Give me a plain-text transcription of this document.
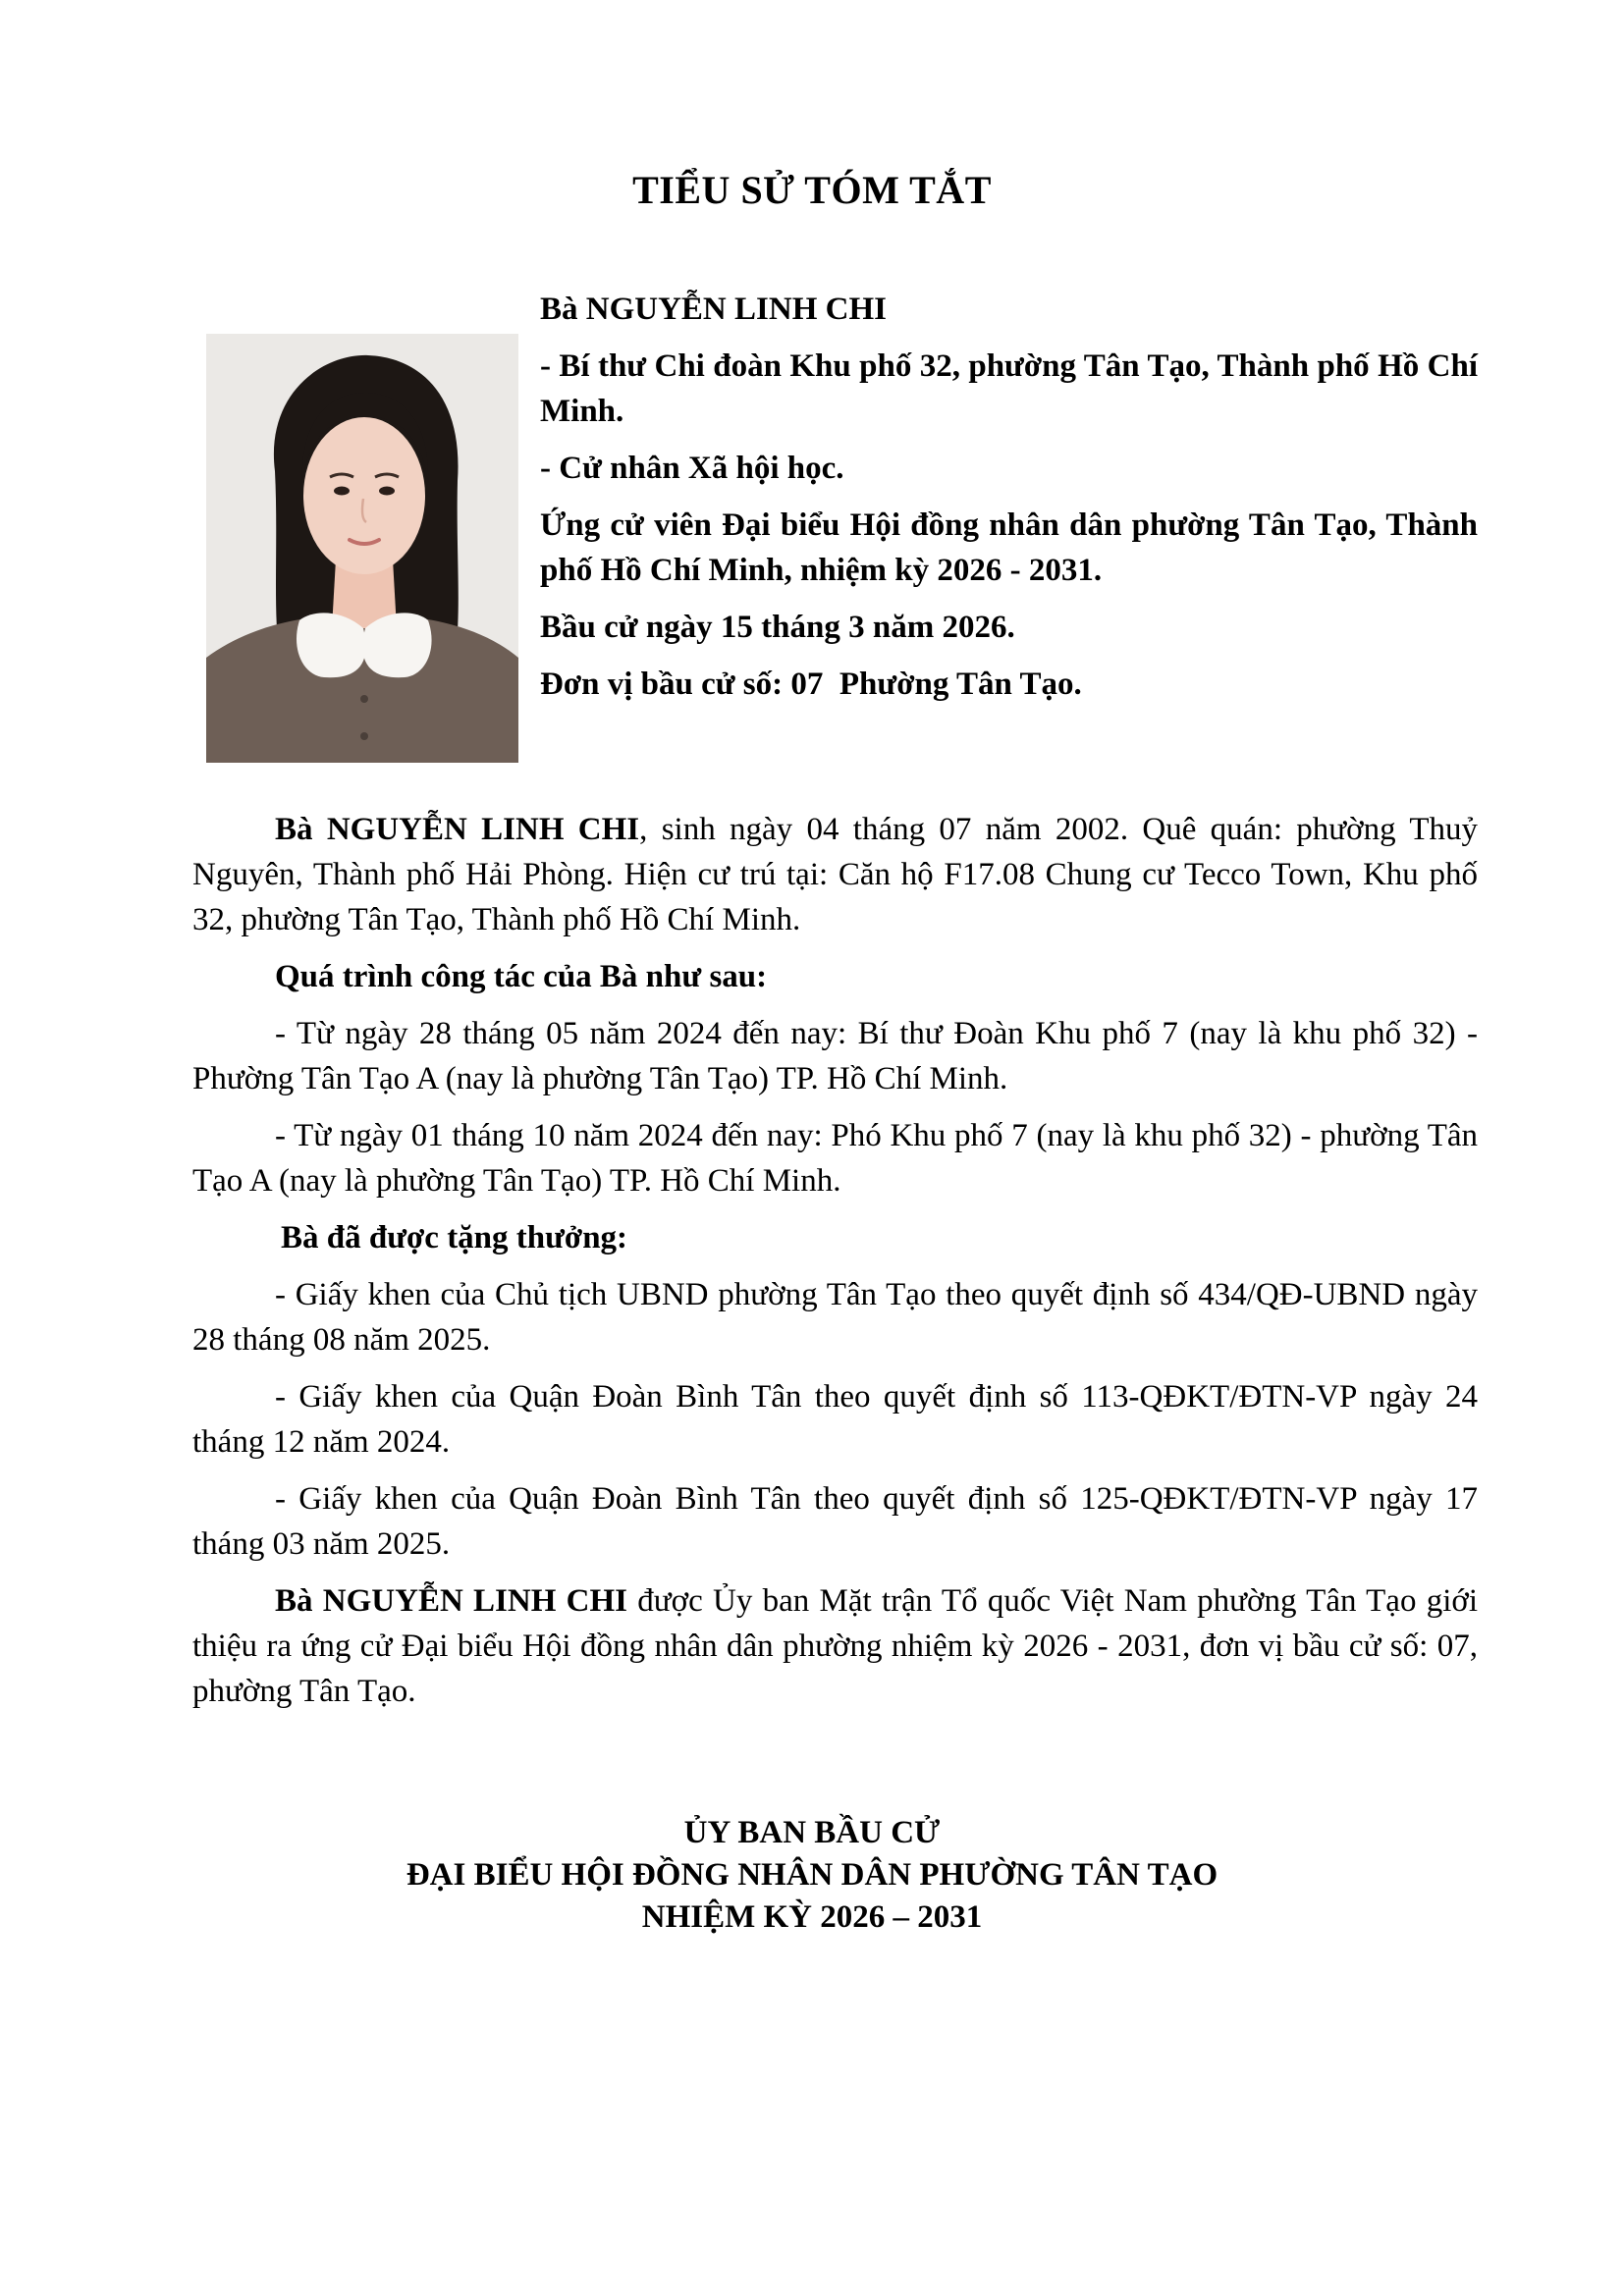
TIỂU SỬ TÓM TẮT

Bà NGUYỄN LINH CHI

- Bí thư Chi đoàn Khu phố 32, phường Tân Tạo, Thành phố Hồ Chí Minh.

- Cử nhân Xã hội học.

Ứng cử viên Đại biểu Hội đồng nhân dân phường Tân Tạo, Thành phố Hồ Chí Minh, nhiệm kỳ 2026 - 2031.

Bầu cử ngày 15 tháng 3 năm 2026.

Đơn vị bầu cử số: 07 Phường Tân Tạo.

Bà NGUYỄN LINH CHI, sinh ngày 04 tháng 07 năm 2002. Quê quán: phường Thuỷ Nguyên, Thành phố Hải Phòng. Hiện cư trú tại: Căn hộ F17.08 Chung cư Tecco Town, Khu phố 32, phường Tân Tạo, Thành phố Hồ Chí Minh.

Quá trình công tác của Bà như sau:

- Từ ngày 28 tháng 05 năm 2024 đến nay: Bí thư Đoàn Khu phố 7 (nay là khu phố 32) - Phường Tân Tạo A (nay là phường Tân Tạo) TP. Hồ Chí Minh.

- Từ ngày 01 tháng 10 năm 2024 đến nay: Phó Khu phố 7 (nay là khu phố 32) - phường Tân Tạo A (nay là phường Tân Tạo) TP. Hồ Chí Minh.

Bà đã được tặng thưởng:

- Giấy khen của Chủ tịch UBND phường Tân Tạo theo quyết định số 434/QĐ-UBND ngày 28 tháng 08 năm 2025.

- Giấy khen của Quận Đoàn Bình Tân theo quyết định số 113-QĐKT/ĐTN-VP ngày 24 tháng 12 năm 2024.

- Giấy khen của Quận Đoàn Bình Tân theo quyết định số 125-QĐKT/ĐTN-VP ngày 17 tháng 03 năm 2025.

Bà NGUYỄN LINH CHI được Ủy ban Mặt trận Tổ quốc Việt Nam phường Tân Tạo giới thiệu ra ứng cử Đại biểu Hội đồng nhân dân phường nhiệm kỳ 2026 - 2031, đơn vị bầu cử số: 07, phường Tân Tạo.

ỦY BAN BẦU CỬ
ĐẠI BIỂU HỘI ĐỒNG NHÂN DÂN PHƯỜNG TÂN TẠO
NHIỆM KỲ 2026 – 2031
